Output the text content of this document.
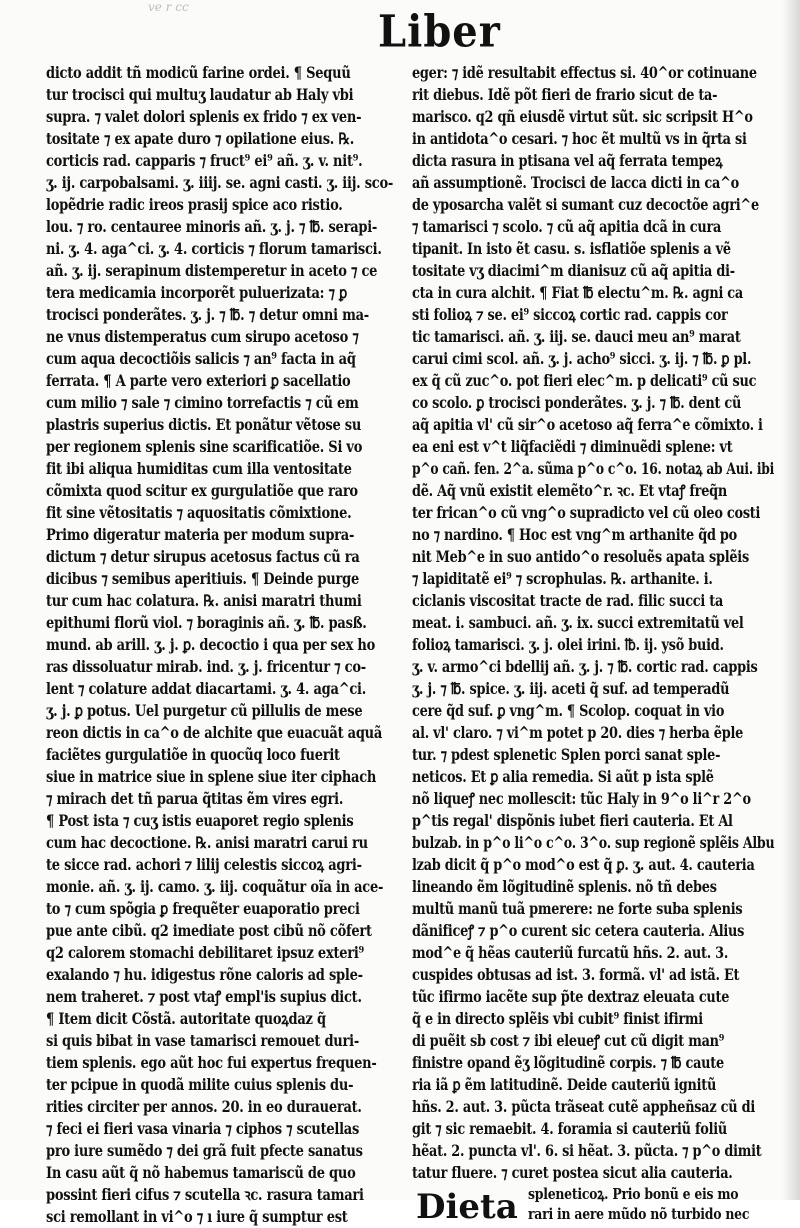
ve r cc	Liber
dicto addit tñ modicũ farine ordei. ¶ Sequũ
tur trocisci qui multuʒ laudatur ab Haly vbi
supra. ⁊ valet dolori splenis ex frido ⁊ ex ven-
tositate ⁊ ex apate duro ⁊ opilatione eius. ℞.
corticis rad. capparis ⁊ fruct⁹ ei⁹ añ. ʒ. v. nit⁹.
ʒ. ij. carpobalsami. ʒ. iiij. se. agni casti. ʒ. iij. sco-
lopẽdrie radic ireos prasij spice aco ristio.
lou. ⁊ ro. centauree minoris añ. ʒ. j. ⁊ ℔. serapi-
ni. ʒ. 4. aga^ci. ʒ. 4. corticis ⁊ florum tamarisci.
añ. ʒ. ij. serapinum distemperetur in aceto ⁊ ce
tera medicamia incorporẽt puluerizata: ⁊ ꝑ
trocisci ponderãtes. ʒ. j. ⁊ ℔. ⁊ detur omni ma-
ne vnus distemperatus cum sirupo acetoso ⁊
cum aqua decoctiõis salicis ⁊ an⁹ facta in aq̃
ferrata. ¶ A parte vero exteriori ꝑ sacellatio
cum milio ⁊ sale ⁊ cimino torrefactis ⁊ cũ em
plastris superius dictis. Et ponãtur vẽtose su
per regionem splenis sine scarificatiõe. Si vo
fit ibi aliqua humiditas cum illa ventositate
cõmixta quod scitur ex gurgulatiõe que raro
fit sine vẽtositatis ⁊ aquositatis cõmixtione.
Primo digeratur materia per modum supra-
dictum ⁊ detur sirupus acetosus factus cũ ra
dicibus ⁊ semibus aperitiuis. ¶ Deinde purge
tur cum hac colatura. ℞. anisi maratri thumi
epithumi florũ viol. ⁊ boraginis añ. ʒ. ℔. pasß.
mund. ab arill. ʒ. j. ꝑ. decoctio i qua per sex ho
ras dissoluatur mirab. ind. ʒ. j. fricentur ⁊ co-
lent ⁊ colature addat diacartami. ʒ. 4. aga^ci.
ʒ. j. ꝑ potus. Uel purgetur cũ pillulis de mese
reon dictis in ca^o de alchite que euacuãt aquã
faciẽtes gurgulatiõe in quocũq loco fuerit
siue in matrice siue in splene siue iter ciphach
⁊ mirach det tñ parua q̃titas ẽm vires egri.
¶ Post ista ⁊ cuʒ istis euaporet regio splenis
cum hac decoctione. ℞. anisi maratri carui ru
te sicce rad. achori ⁊ lilij celestis siccoꝝ agri-
monie. añ. ʒ. ij. camo. ʒ. iij. coquãtur oĩa in ace-
to ⁊ cum spõgia ꝑ frequẽter euaporatio preci
pue ante cibũ. q2 imediate post cibũ nõ cõfert
q2 calorem stomachi debilitaret ipsuz exteri⁹
exalando ⁊ hu. idigestus rõne caloris ad sple-
nem traheret. ⁊ post vtaꝭ empl'is supius dict.
¶ Item dicit Cõstã. autoritate quoꝝdaz q̃
si quis bibat in vase tamarisci remouet duri-
tiem splenis. ego aũt hoc fui expertus frequen-
ter pcipue in quodã milite cuius splenis du-
rities circiter per annos. 20. in eo durauerat.
⁊ feci ei fieri vasa vinaria ⁊ ciphos ⁊ scutellas
pro iure sumẽdo ⁊ dei grã fuit pfecte sanatus
In casu aũt q̃ nõ habemus tamariscũ de quo
possint fieri cifus ⁊ scutella ꝛc. rasura tamari
sci remollant in vi^o ⁊ ı iure q̃ sumptur est
eger: ⁊ idẽ resultabit effectus si. 40^or cotinuane
rit diebus. Idẽ põt fieri de frario sicut de ta-
marisco. q2 qñ eiusdẽ virtut sũt. sic scripsit H^o
in antidota^o cesari. ⁊ hoc ẽt multũ vs in q̃rta si
dicta rasura in ptisana vel aq̃ ferrata tempeꝝ
añ assumptionẽ. Trocisci de lacca dicti in ca^o
de yposarcha valẽt si sumant cuz decoctõe agri^e
⁊ tamarisci ⁊ scolo. ⁊ cũ aq̃ apitia dcã in cura
tipanit. In isto ẽt casu. s. isflatiõe splenis a vẽ
tositate vʒ diacimi^m dianisuz cũ aq̃ apitia di-
cta in cura alchit. ¶ Fiat ℔ electu^m. ℞. agni ca
sti folioꝝ ⁊ se. ei⁹ siccoꝝ cortic rad. cappis cor
tic tamarisci. añ. ʒ. iij. se. dauci meu an⁹ marat
carui cimi scol. añ. ʒ. j. acho⁹ sicci. ʒ. ij. ⁊ ℔. ꝑ pl.
ex q̃ cũ zuc^o. pot fieri elec^m. p delicati⁹ cũ suc
co scolo. ꝑ trocisci ponderãtes. ʒ. j. ⁊ ℔. dent cũ
aq̃ apitia vl' cũ sir^o acetoso aq̃ ferra^e cõmixto. i
ea eni est v^t liq̃faciẽdi ⁊ diminuẽdi splene: vt
p^o cañ. fen. 2^a. sũma p^o c^o. 16. notaꝝ ab Aui. ibi
dẽ. Aq̃ vnũ existit elemẽto^r. ꝛc. Et vtaꝭ freq̃n
ter frican^o cũ vng^o supradicto vel cũ oleo costi
no ⁊ nardino. ¶ Hoc est vng^m arthanite q̃d po
nit Meb^e in suo antido^o resoluẽs apata splẽis
⁊ lapiditatẽ ei⁹ ⁊ scrophulas. ℞. arthanite. i.
ciclanis viscositat tracte de rad. filic succi ta
meat. i. sambuci. añ. ʒ. ix. succi extremitatũ vel
folioꝝ tamarisci. ʒ. j. olei irini. ℔. ij. ysõ buid.
ʒ. v. armo^ci bdellij añ. ʒ. j. ⁊ ℔. cortic rad. cappis
ʒ. j. ⁊ ℔. spice. ʒ. iij. aceti q̃ suf. ad temperadũ
cere q̃d suf. ꝑ vng^m. ¶ Scolop. coquat in vio
al. vl' claro. ⁊ vi^m potet p 20. dies ⁊ herba ẽple
tur. ⁊ pdest splenetic Splen porci sanat sple-
neticos. Et ꝑ alia remedia. Si aũt p ista splẽ
nõ liqueꝭ nec mollescit: tũc Haly in 9^o li^r 2^o
p^tis regal' dispõnis iubet fieri cauteria. Et Al
bulzab. in p^o li^o c^o. 3^o. sup regionẽ splẽis Albu
lzab dicit q̃ p^o mod^o est q̃ ꝑ. ʒ. aut. 4. cauteria
lineando ẽm lõgitudinẽ splenis. nõ tñ debes
multũ manũ tuã pmerere: ne forte suba splenis
dãnificeꝭ ⁊ p^o curent sic cetera cauteria. Alius
mod^e q̃ hẽas cauteriũ furcatũ hñs. 2. aut. 3.
cuspides obtusas ad ist. 3. formã. vl' ad istã. Et
tũc ifirmo iacẽte sup p̃te dextraz eleuata cute
q̃ e in directo splẽis vbi cubit⁹ finist ifirmi
di puẽit sb cost ⁊ ibi eleueꝭ cut cũ digit man⁹
finistre opand ẽʒ lõgitudinẽ corpis. ⁊ ℔ caute
ria iã ꝑ ẽm latitudinẽ. Deide cauteriũ ignitũ
hñs. 2. aut. 3. pũcta trãseat cutẽ appheñsaz cũ di
git ⁊ sic remaebit. 4. foramia si cauteriũ foliũ
hẽat. 2. puncta vl'. 6. si hẽat. 3. pũcta. ⁊ p^o dimit
tatur fluere. ⁊ curet postea sicut alia cauteria.
Dieta spleneticoꝝ. Prio bonũ e eis mo
rari in aere mũdo nõ turbido nec
